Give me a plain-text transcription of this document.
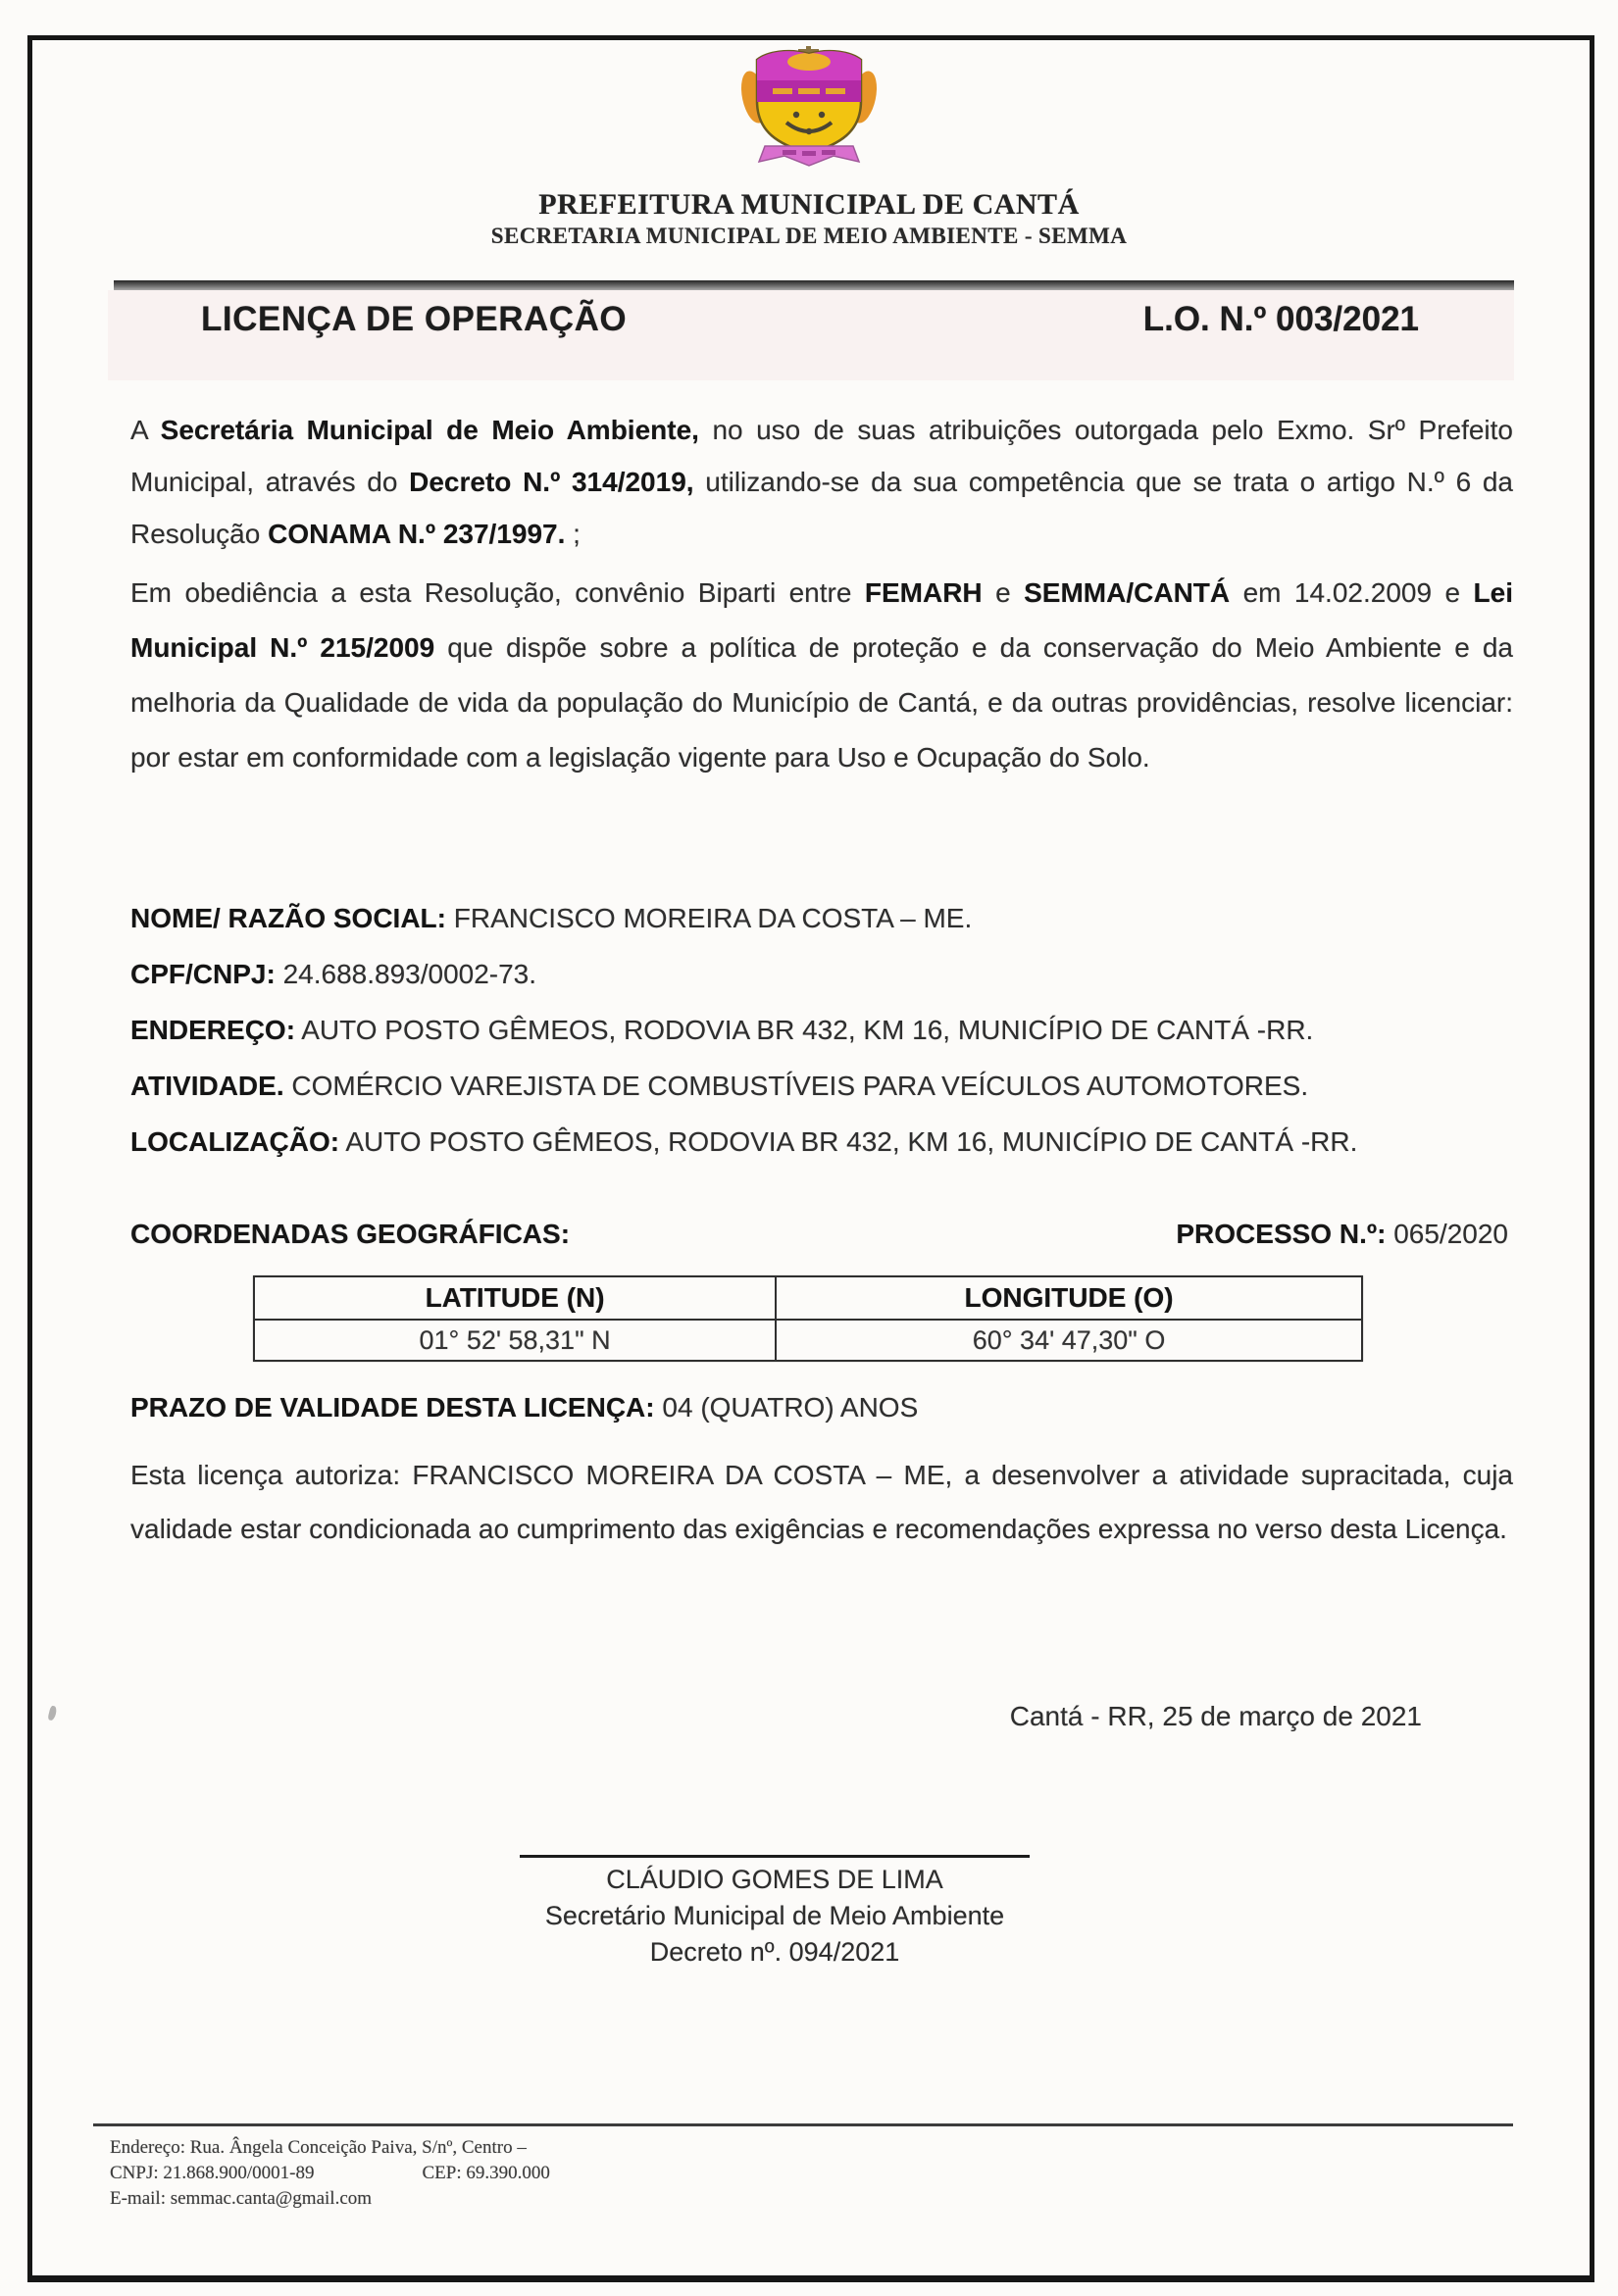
PREFEITURA MUNICIPAL DE CANTÁ
SECRETARIA MUNICIPAL DE MEIO AMBIENTE - SEMMA
LICENÇA DE OPERAÇÃO	L.O. N.º 003/2021

A Secretária Municipal de Meio Ambiente, no uso de suas atribuições outorgada pelo Exmo. Srº Prefeito Municipal, através do Decreto N.º 314/2019, utilizando-se da sua competência que se trata o artigo N.º 6 da Resolução CONAMA N.º 237/1997. ;

Em obediência a esta Resolução, convênio Biparti entre FEMARH e SEMMA/CANTÁ em 14.02.2009 e Lei Municipal N.º 215/2009 que dispõe sobre a política de proteção e da conservação do Meio Ambiente e da melhoria da Qualidade de vida da população do Município de Cantá, e da outras providências, resolve licenciar: por estar em conformidade com a legislação vigente para Uso e Ocupação do Solo.

NOME/ RAZÃO SOCIAL: FRANCISCO MOREIRA DA COSTA – ME.
CPF/CNPJ: 24.688.893/0002-73.
ENDEREÇO: AUTO POSTO GÊMEOS, RODOVIA BR 432, KM 16, MUNICÍPIO DE CANTÁ -RR.
ATIVIDADE. COMÉRCIO VAREJISTA DE COMBUSTÍVEIS PARA VEÍCULOS AUTOMOTORES.
LOCALIZAÇÃO: AUTO POSTO GÊMEOS, RODOVIA BR 432, KM 16, MUNICÍPIO DE CANTÁ -RR.
COORDENADAS GEOGRÁFICAS:	PROCESSO N.º: 065/2020
LATITUDE (N)	LONGITUDE (O)
01° 52' 58,31" N	60° 34' 47,30" O
PRAZO DE VALIDADE DESTA LICENÇA: 04 (QUATRO) ANOS

Esta licença autoriza: FRANCISCO MOREIRA DA COSTA – ME, a desenvolver a atividade supracitada, cuja validade estar condicionada ao cumprimento das exigências e recomendações expressa no verso desta Licença.

Cantá - RR, 25 de março de 2021
CLÁUDIO GOMES DE LIMA
Secretário Municipal de Meio Ambiente
Decreto nº. 094/2021
Endereço: Rua. Ângela Conceição Paiva, S/nº, Centro –
CNPJ: 21.868.900/0001-89	CEP: 69.390.000
E-mail: semmac.canta@gmail.com
